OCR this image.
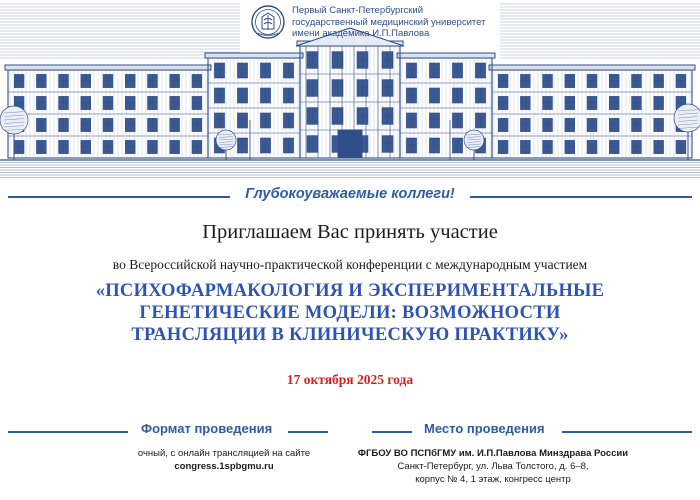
Первый Санкт-Петербургский
государственный медицинский университет
имени академика И.П.Павлова
Глубокоуважаемые коллеги!
Приглашаем Вас принять участие
во Всероссийской научно-практической конференции с международным участием
«ПСИХОФАРМАКОЛОГИЯ И ЭКСПЕРИМЕНТАЛЬНЫЕ
ГЕНЕТИЧЕСКИЕ МОДЕЛИ: ВОЗМОЖНОСТИ
ТРАНСЛЯЦИИ В КЛИНИЧЕСКУЮ ПРАКТИКУ»
17 октября 2025 года
Формат проведения
очный, с онлайн трансляцией на сайте
congress.1spbgmu.ru
Место проведения
ФГБОУ ВО ПСПбГМУ им. И.П.Павлова Минздрава России
Санкт-Петербург, ул. Льва Толстого, д. 6–8,
корпус № 4, 1 этаж, конгресс центр
